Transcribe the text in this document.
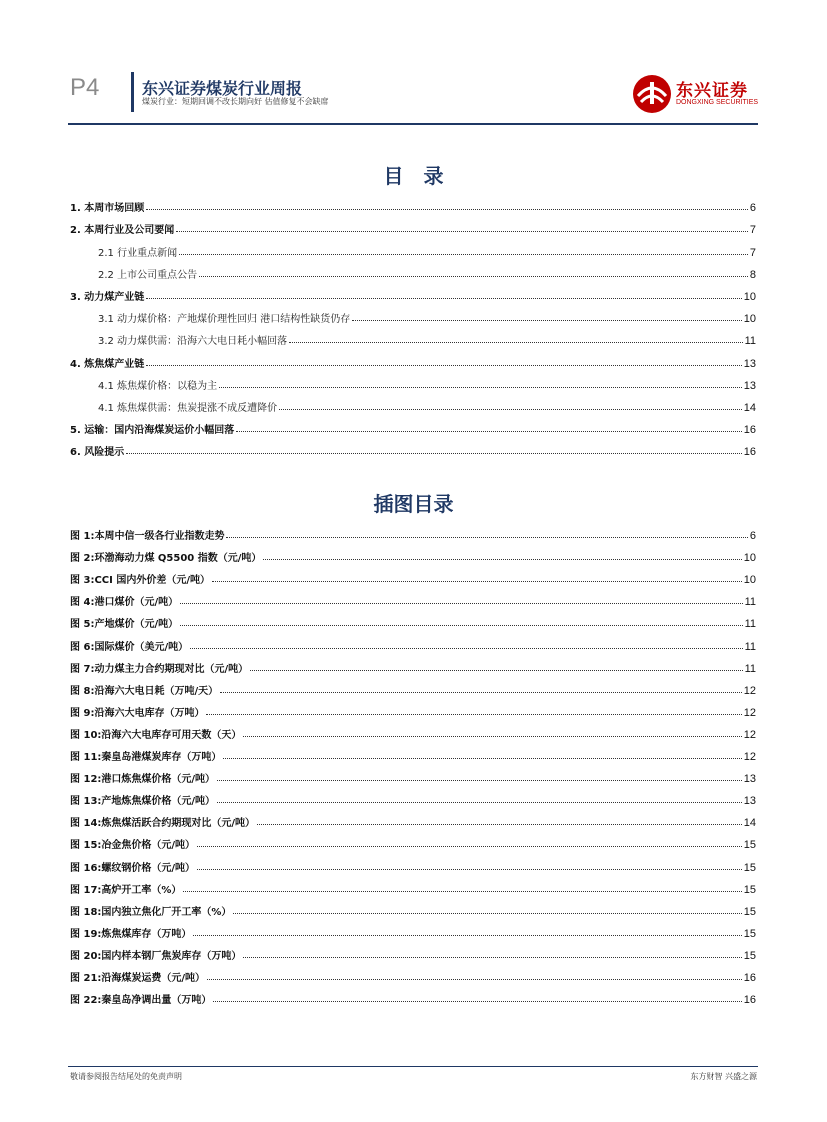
P4	东兴证券煤炭行业周报
煤炭行业：短期回调不改长期向好 估值修复不会缺席
东兴证券
DONGXING SECURITIES
目　录
1. 本周市场回顾	6
2. 本周行业及公司要闻	7
2.1 行业重点新闻	7
2.2 上市公司重点公告	8
3. 动力煤产业链	10
3.1 动力煤价格：产地煤价理性回归 港口结构性缺货仍存	10
3.2 动力煤供需：沿海六大电日耗小幅回落	11
4. 炼焦煤产业链	13
4.1 炼焦煤价格：以稳为主	13
4.1 炼焦煤供需：焦炭提涨不成反遭降价	14
5. 运输：国内沿海煤炭运价小幅回落	16
6. 风险提示	16
插图目录
图 1:本周中信一级各行业指数走势	6
图 2:环渤海动力煤 Q5500 指数（元/吨）	10
图 3:CCI 国内外价差（元/吨）	10
图 4:港口煤价（元/吨）	11
图 5:产地煤价（元/吨）	11
图 6:国际煤价（美元/吨）	11
图 7:动力煤主力合约期现对比（元/吨）	11
图 8:沿海六大电日耗（万吨/天）	12
图 9:沿海六大电库存（万吨）	12
图 10:沿海六大电库存可用天数（天）	12
图 11:秦皇岛港煤炭库存（万吨）	12
图 12:港口炼焦煤价格（元/吨）	13
图 13:产地炼焦煤价格（元/吨）	13
图 14:炼焦煤活跃合约期现对比（元/吨）	14
图 15:冶金焦价格（元/吨）	15
图 16:螺纹钢价格（元/吨）	15
图 17:高炉开工率（%）	15
图 18:国内独立焦化厂开工率（%）	15
图 19:炼焦煤库存（万吨）	15
图 20:国内样本钢厂焦炭库存（万吨）	15
图 21:沿海煤炭运费（元/吨）	16
图 22:秦皇岛净调出量（万吨）	16
敬请参阅报告结尾处的免责声明	东方财智 兴盛之源
